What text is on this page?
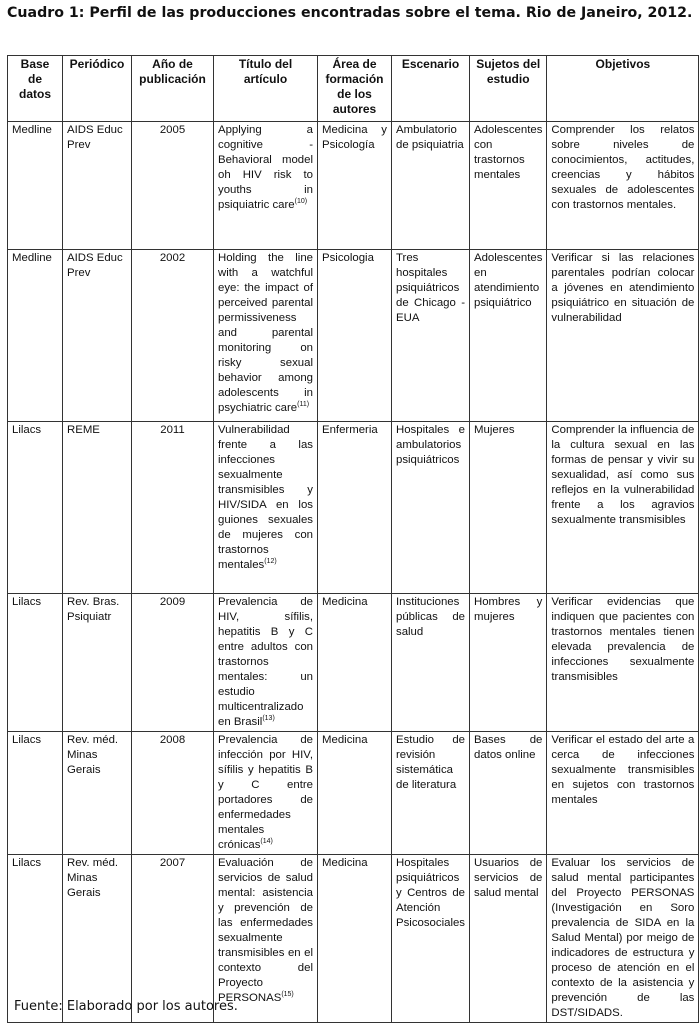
Cuadro 1: Perfil de las producciones encontradas sobre el tema. Rio de Janeiro, 2012.
Base de datos	Periódico	Año de publicación	Título del artículo	Área de formación de los autores	Escenario	Sujetos del estudio	Objetivos
Medline	AIDS Educ Prev	2005	Applying a cognitive - Behavioral model oh HIV risk to youths in psiquiatric care$^{(10)}$	Medicina y Psicología	Ambulatorio de psiquiatria	Adolescentes con trastornos mentales	Comprender los relatos sobre niveles de conocimientos, actitudes, creencias y hábitos sexuales de adolescentes con trastornos mentales.
Medline	AIDS Educ Prev	2002	Holding the line with a watchful eye: the impact of perceived parental permissiveness and parental monitoring on risky sexual behavior among adolescents in psychiatric care$^{(11)}$	Psicologia	Tres hospitales psiquiátricos de Chicago - EUA	Adolescentes en atendimiento psiquiátrico	Verificar si las relaciones parentales podrían colocar a jóvenes en atendimiento psiquiátrico en situación de vulnerabilidad
Lilacs	REME	2011	Vulnerabilidad frente a las infecciones sexualmente transmisibles y HIV/SIDA en los guiones sexuales de mujeres con trastornos mentales$^{(12)}$	Enfermeria	Hospitales e ambulatorios psiquiátricos	Mujeres	Comprender la influencia de la cultura sexual en las formas de pensar y vivir su sexualidad, así como sus reflejos en la vulnerabilidad frente a los agravios sexualmente transmisibles
Lilacs	Rev. Bras. Psiquiatr	2009	Prevalencia de HIV, sífilis, hepatitis B y C entre adultos con trastornos mentales: un estudio multicentralizado en Brasil$^{(13)}$	Medicina	Instituciones públicas de salud	Hombres y mujeres	Verificar evidencias que indiquen que pacientes con trastornos mentales tienen elevada prevalencia de infecciones sexualmente transmisibles
Lilacs	Rev. méd. Minas Gerais	2008	Prevalencia de infección por HIV, sífilis y hepatitis B y C entre portadores de enfermedades mentales crónicas$^{(14)}$	Medicina	Estudio de revisión sistemática de literatura	Bases de datos online	Verificar el estado del arte a cerca de infecciones sexualmente transmisibles en sujetos con trastornos mentales
Lilacs	Rev. méd. Minas Gerais	2007	Evaluación de servicios de salud mental: asistencia y prevención de las enfermedades sexualmente transmisibles en el contexto del Proyecto PERSONAS$^{(15)}$	Medicina	Hospitales psiquiátricos y Centros de Atención Psicosociales	Usuarios de servicios de salud mental	Evaluar los servicios de salud mental participantes del Proyecto PERSONAS (Investigación en Soro prevalencia de SIDA en la Salud Mental) por meigo de indicadores de estructura y proceso de atención en el contexto de la asistencia y prevención de las DST/SIDADS.
Fuente: Elaborado por los autores.
